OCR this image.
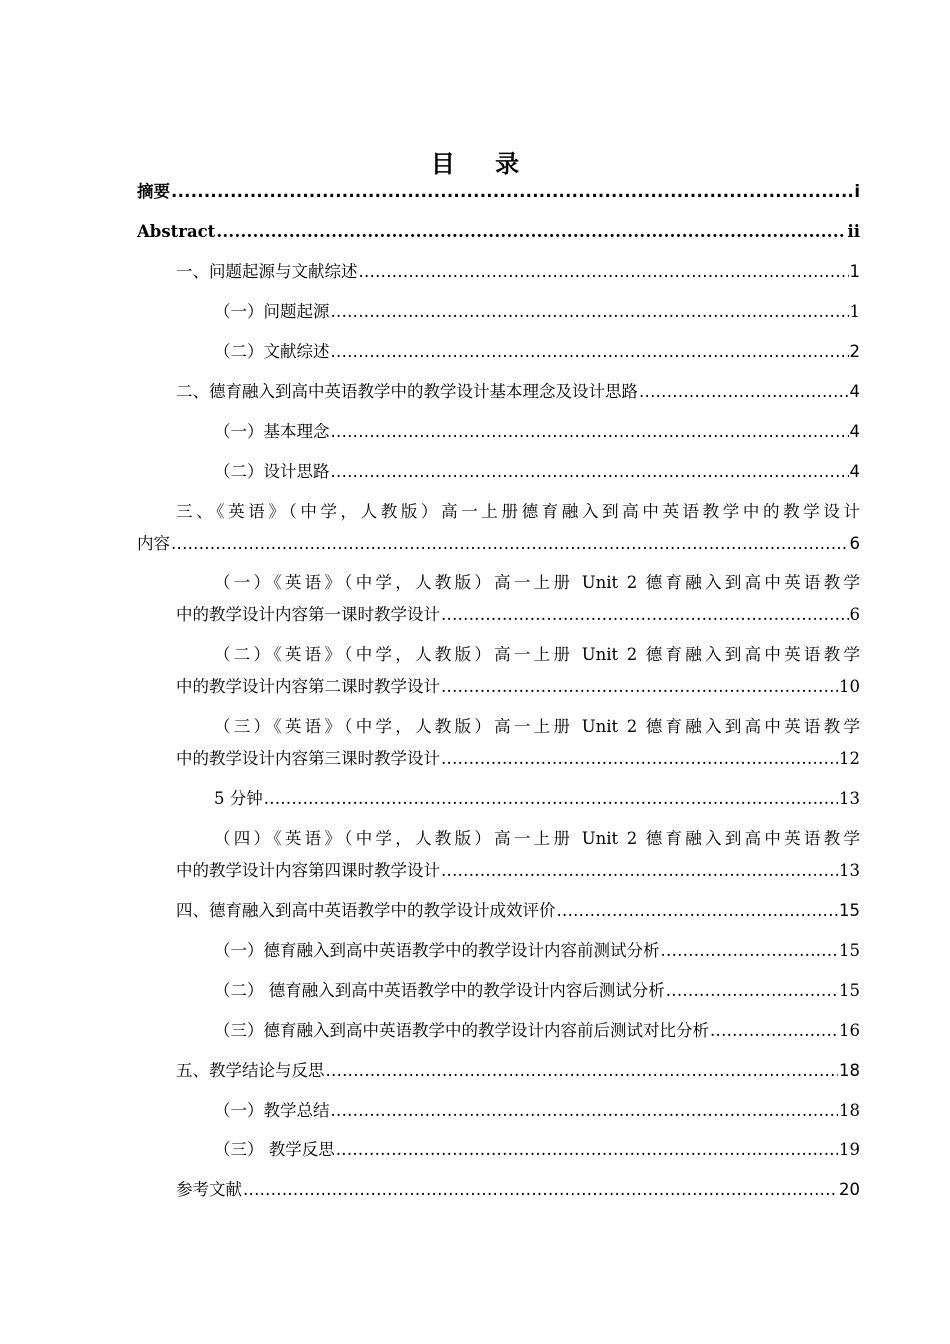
目 录
摘要 .....	i
Abstract .....	ii
一、问题起源与文献综述 .....	1
（一）问题起源 .....	1
（二）文献综述 .....	2
二、德育融入到高中英语教学中的教学设计基本理念及设计思路 .....	4
（一）基本理念 .....	4
（二）设计思路 .....	4
三、《英语》（中学，人教版）高一上册德育融入到高中英语教学中的教学设计
内容 .....	6
（一）《英语》（中学，人教版）高一上册 Unit 2 德育融入到高中英语教学
中的教学设计内容第一课时教学设计 .....	6
（二）《英语》（中学，人教版）高一上册 Unit 2 德育融入到高中英语教学
中的教学设计内容第二课时教学设计 .....	10
（三）《英语》（中学，人教版）高一上册 Unit 2 德育融入到高中英语教学
中的教学设计内容第三课时教学设计 .....	12
5 分钟 .....	13
（四）《英语》（中学，人教版）高一上册 Unit 2 德育融入到高中英语教学
中的教学设计内容第四课时教学设计 .....	13
四、德育融入到高中英语教学中的教学设计成效评价 .....	15
（一）德育融入到高中英语教学中的教学设计内容前测试分析 .....	15
（二） 德育融入到高中英语教学中的教学设计内容后测试分析 .....	15
（三）德育融入到高中英语教学中的教学设计内容前后测试对比分析 .....	16
五、教学结论与反思 .....	18
（一）教学总结 .....	18
（三） 教学反思 .....	19
参考文献 .....	20
